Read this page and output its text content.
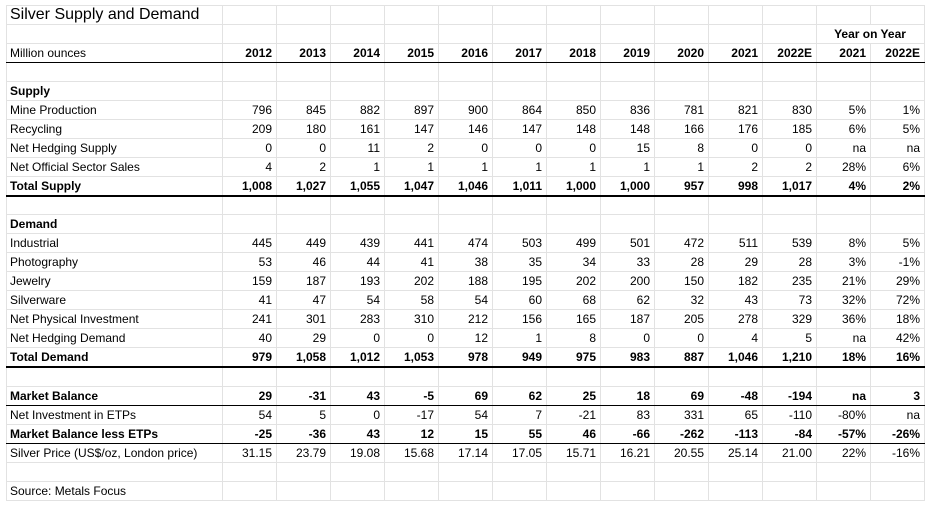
Silver Supply and Demand													
												Year on Year	
Million ounces	2012	2013	2014	2015	2016	2017	2018	2019	2020	2021	2022E	2021	2022E

Supply													
Mine Production	796	845	882	897	900	864	850	836	781	821	830	5%	1%
Recycling	209	180	161	147	146	147	148	148	166	176	185	6%	5%
Net Hedging Supply	0	0	11	2	0	0	0	15	8	0	0	na	na
Net Official Sector Sales	4	2	1	1	1	1	1	1	1	2	2	28%	6%
Total Supply	1,008	1,027	1,055	1,047	1,046	1,011	1,000	1,000	957	998	1,017	4%	2%

Demand													
Industrial	445	449	439	441	474	503	499	501	472	511	539	8%	5%
Photography	53	46	44	41	38	35	34	33	28	29	28	3%	-1%
Jewelry	159	187	193	202	188	195	202	200	150	182	235	21%	29%
Silverware	41	47	54	58	54	60	68	62	32	43	73	32%	72%
Net Physical Investment	241	301	283	310	212	156	165	187	205	278	329	36%	18%
Net Hedging Demand	40	29	0	0	12	1	8	0	0	4	5	na	42%
Total Demand	979	1,058	1,012	1,053	978	949	975	983	887	1,046	1,210	18%	16%

Market Balance	29	-31	43	-5	69	62	25	18	69	-48	-194	na	3
Net Investment in ETPs	54	5	0	-17	54	7	-21	83	331	65	-110	-80%	na
Market Balance less ETPs	-25	-36	43	12	15	55	46	-66	-262	-113	-84	-57%	-26%
Silver Price (US$/oz, London price)	31.15	23.79	19.08	15.68	17.14	17.05	15.71	16.21	20.55	25.14	21.00	22%	-16%

Source: Metals Focus													
